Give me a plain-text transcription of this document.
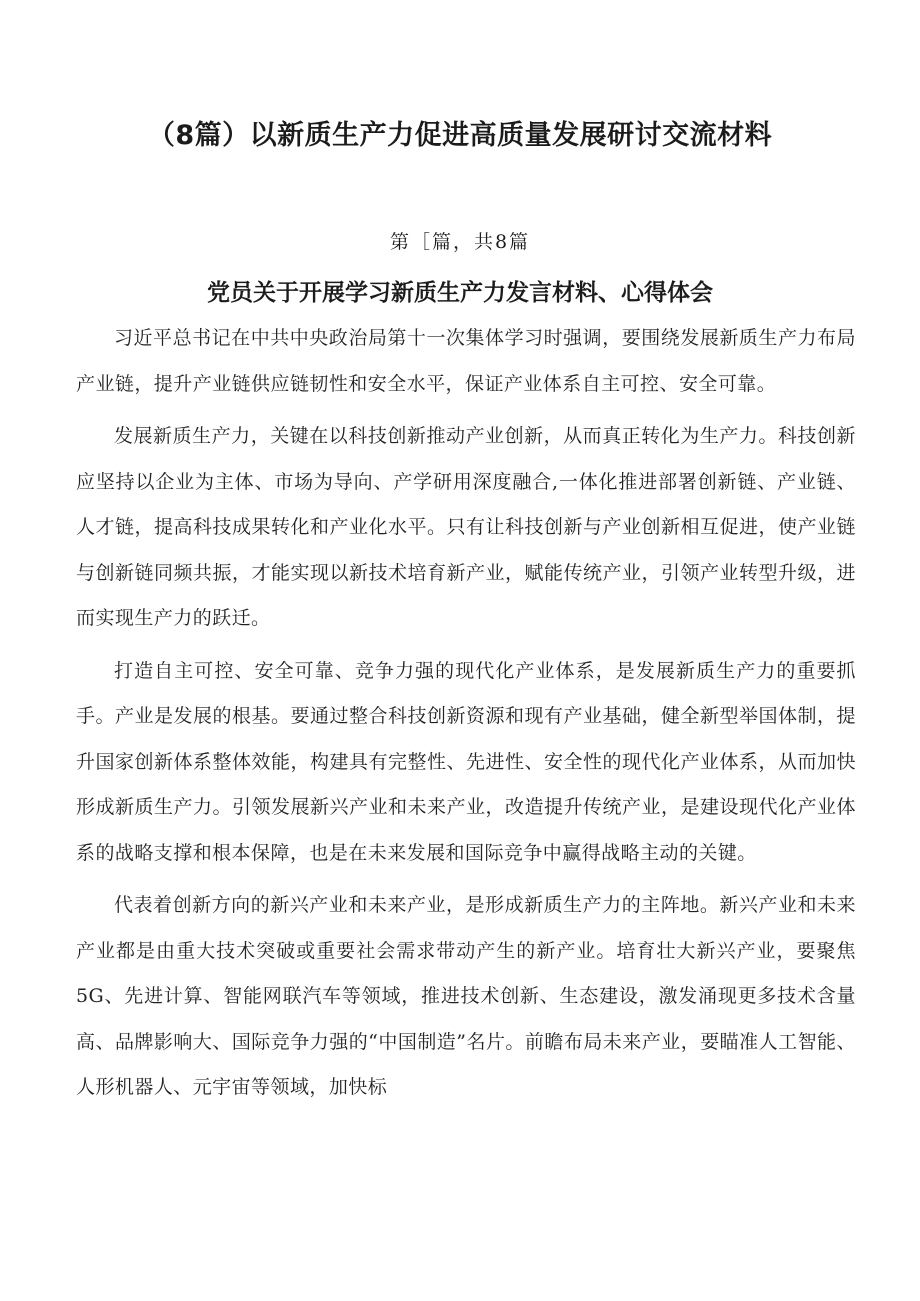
（8篇）以新质生产力促进高质量发展研讨交流材料
第［篇，共8篇
党员关于开展学习新质生产力发言材料、心得体会

习近平总书记在中共中央政治局第十一次集体学习时强调，要围绕发展新质生产力布局产业链，提升产业链供应链韧性和安全水平，保证产业体系自主可控、安全可靠。

发展新质生产力，关键在以科技创新推动产业创新，从而真正转化为生产力。科技创新应坚持以企业为主体、市场为导向、产学研用深度融合,一体化推进部署创新链、产业链、人才链，提高科技成果转化和产业化水平。只有让科技创新与产业创新相互促进，使产业链与创新链同频共振，才能实现以新技术培育新产业，赋能传统产业，引领产业转型升级，进而实现生产力的跃迁。

打造自主可控、安全可靠、竞争力强的现代化产业体系，是发展新质生产力的重要抓手。产业是发展的根基。要通过整合科技创新资源和现有产业基础，健全新型举国体制，提升国家创新体系整体效能，构建具有完整性、先进性、安全性的现代化产业体系，从而加快形成新质生产力。引领发展新兴产业和未来产业，改造提升传统产业，是建设现代化产业体系的战略支撑和根本保障，也是在未来发展和国际竞争中赢得战略主动的关键。

代表着创新方向的新兴产业和未来产业，是形成新质生产力的主阵地。新兴产业和未来产业都是由重大技术突破或重要社会需求带动产生的新产业。培育壮大新兴产业，要聚焦5G、先进计算、智能网联汽车等领域，推进技术创新、生态建设，激发涌现更多技术含量高、品牌影响大、国际竞争力强的“中国制造”名片。前瞻布局未来产业，要瞄准人工智能、人形机器人、元宇宙等领域，加快标
